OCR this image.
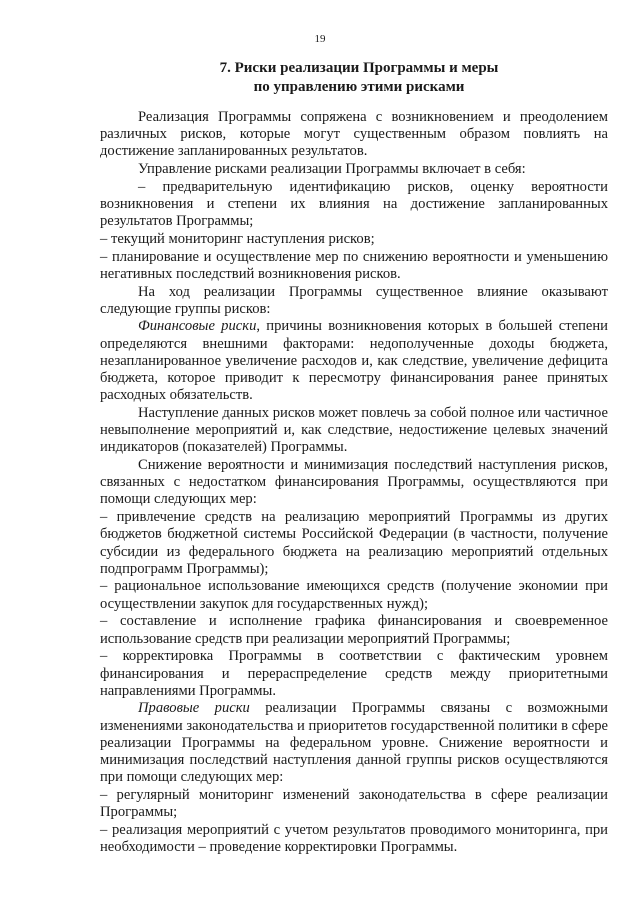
19
7. Риски реализации Программы и меры
по управлению этими рисками

Реализация Программы сопряжена с возникновением и преодолением различных рисков, которые могут существенным образом повлиять на достижение запланированных результатов.

Управление рисками реализации Программы включает в себя:

– предварительную идентификацию рисков, оценку вероятности возникновения и степени их влияния на достижение запланированных результатов Программы;

– текущий мониторинг наступления рисков;

– планирование и осуществление мер по снижению вероятности и уменьшению негативных последствий возникновения рисков.

На ход реализации Программы существенное влияние оказывают следующие группы рисков:

Финансовые риски, причины возникновения которых в большей степени определяются внешними факторами: недополученные доходы бюджета, незапланированное увеличение расходов и, как следствие, увеличение дефицита бюджета, которое приводит к пересмотру финансирования ранее принятых расходных обязательств.

Наступление данных рисков может повлечь за собой полное или частичное невыполнение мероприятий и, как следствие, недостижение целевых значений индикаторов (показателей) Программы.

Снижение вероятности и минимизация последствий наступления рисков, связанных с недостатком финансирования Программы, осуществляются при помощи следующих мер:

– привлечение средств на реализацию мероприятий Программы из других бюджетов бюджетной системы Российской Федерации (в частности, получение субсидии из федерального бюджета на реализацию мероприятий отдельных подпрограмм Программы);

– рациональное использование имеющихся средств (получение экономии при осуществлении закупок для государственных нужд);

– составление и исполнение графика финансирования и своевременное использование средств при реализации мероприятий Программы;

– корректировка Программы в соответствии с фактическим уровнем финансирования и перераспределение средств между приоритетными направлениями Программы.

Правовые риски реализации Программы связаны с возможными изменениями законодательства и приоритетов государственной политики в сфере реализации Программы на федеральном уровне. Снижение вероятности и минимизация последствий наступления данной группы рисков осуществляются при помощи следующих мер:

– регулярный мониторинг изменений законодательства в сфере реализации Программы;

– реализация мероприятий с учетом результатов проводимого мониторинга, при необходимости – проведение корректировки Программы.
